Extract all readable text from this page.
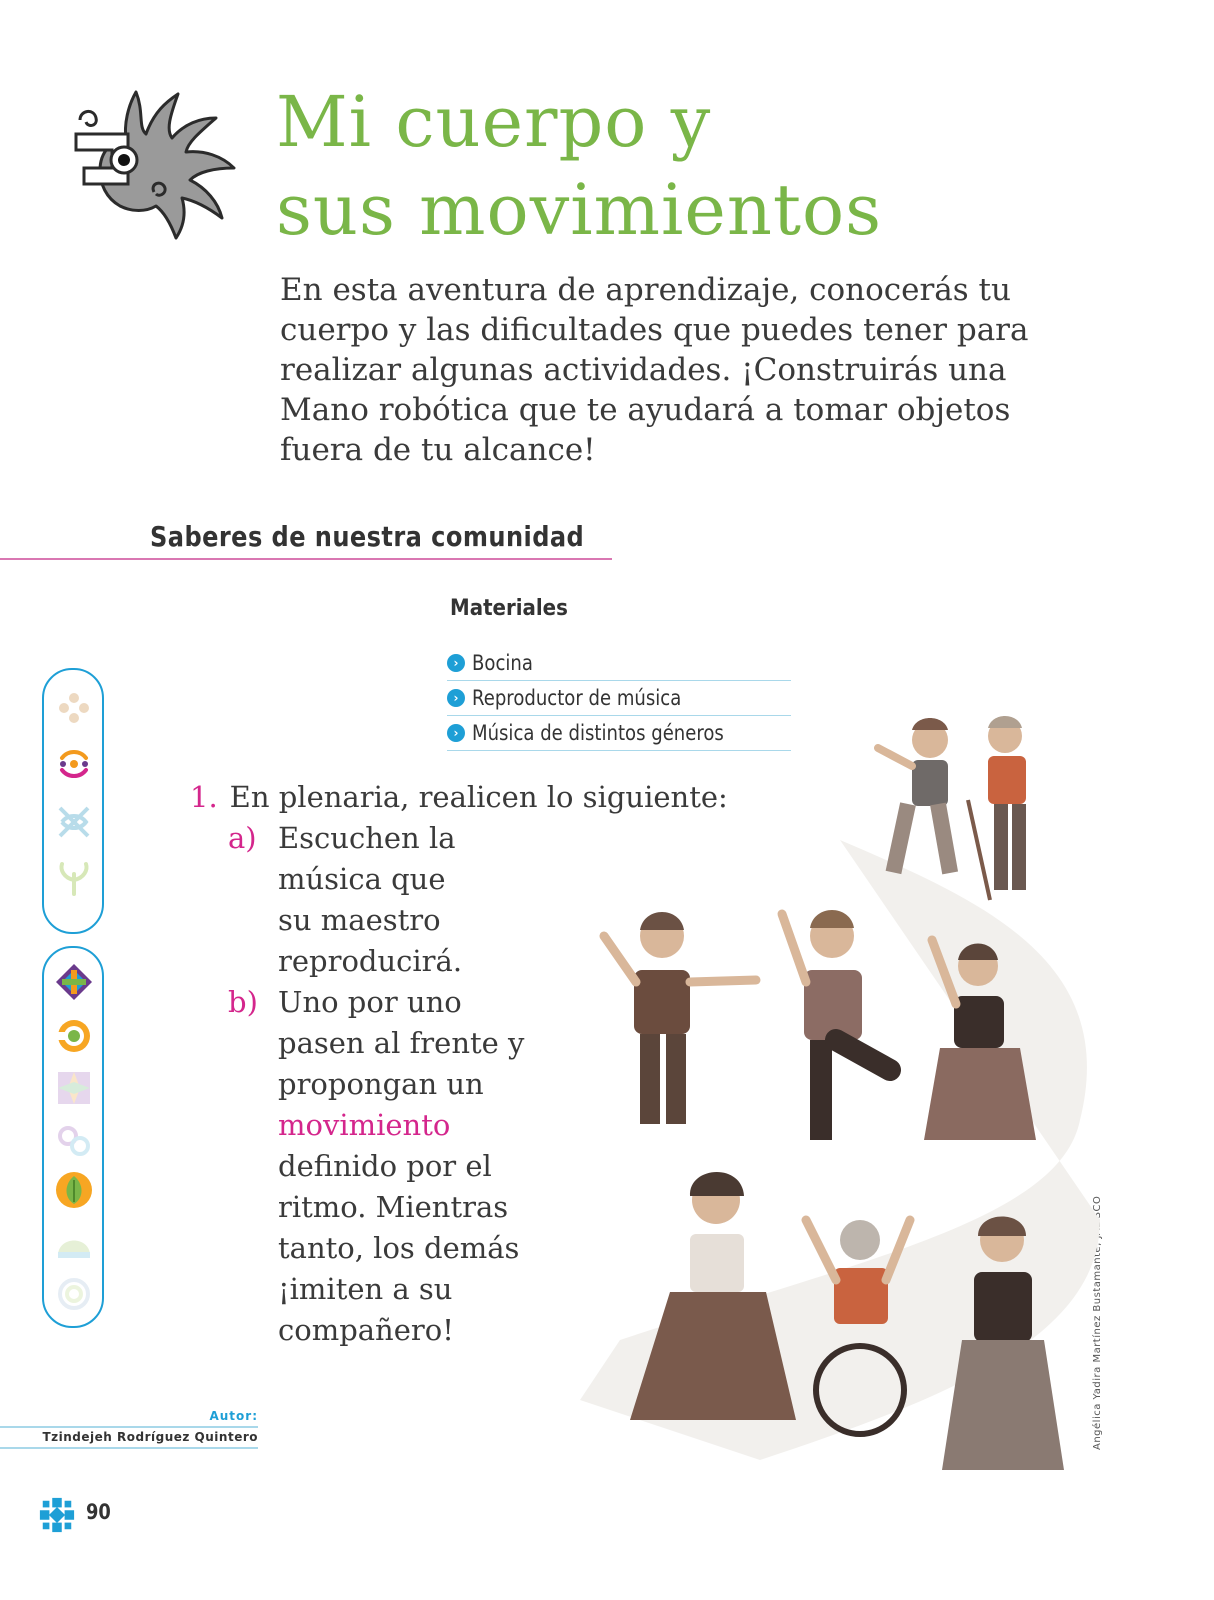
Mi cuerpo y
sus movimientos

En esta aventura de aprendizaje, conocerás tu cuerpo y las dificultades que puedes tener para realizar algunas actividades. ¡Construirás una Mano robótica que te ayudará a tomar objetos fuera de tu alcance!

Saberes de nuestra comunidad
Materiales
› Bocina
› Reproductor de música
› Música de distintos géneros
1. En plenaria, realicen lo siguiente:
a) Escuchen la música que su maestro reproducirá.
b) Uno por uno pasen al frente y propongan un movimiento definido por el ritmo. Mientras tanto, los demás ¡imiten a su compañero!
Autor:
Tzindejeh Rodríguez Quintero
90
Angélica Yadira Martínez Bustamante, JALISCO
